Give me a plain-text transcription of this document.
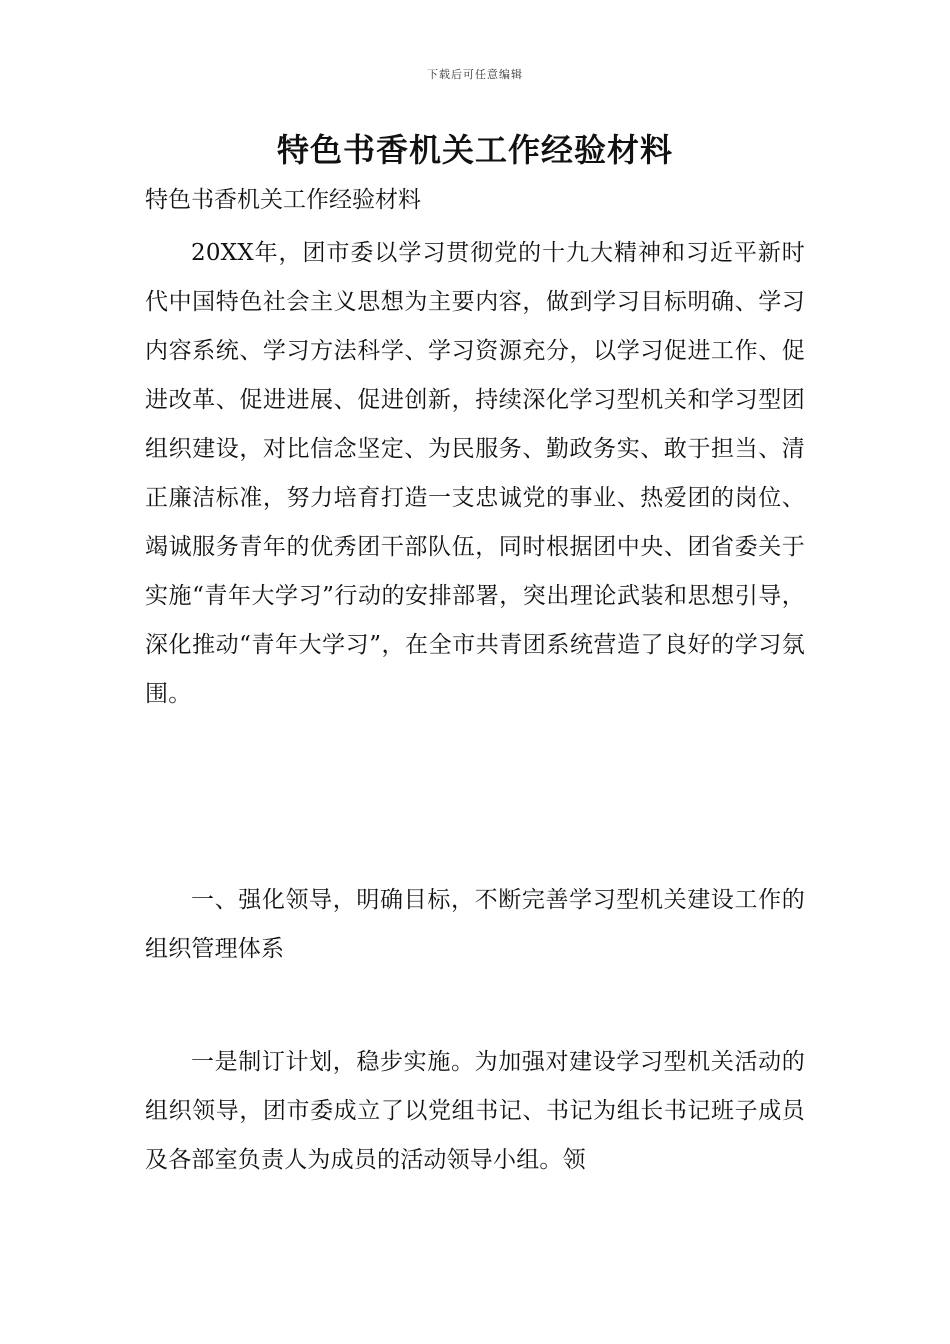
下载后可任意编辑
特色书香机关工作经验材料

特色书香机关工作经验材料

20XX年，团市委以学习贯彻党的十九大精神和习近平新时代中国特色社会主义思想为主要内容，做到学习目标明确、学习内容系统、学习方法科学、学习资源充分，以学习促进工作、促进改革、促进进展、促进创新，持续深化学习型机关和学习型团组织建设，对比信念坚定、为民服务、勤政务实、敢于担当、清正廉洁标准，努力培育打造一支忠诚党的事业、热爱团的岗位、竭诚服务青年的优秀团干部队伍，同时根据团中央、团省委关于实施“青年大学习”行动的安排部署，突出理论武装和思想引导，深化推动“青年大学习”，在全市共青团系统营造了良好的学习氛围。

一、强化领导，明确目标，不断完善学习型机关建设工作的组织管理体系

一是制订计划，稳步实施。为加强对建设学习型机关活动的组织领导，团市委成立了以党组书记、书记为组长书记班子成员及各部室负责人为成员的活动领导小组。领
